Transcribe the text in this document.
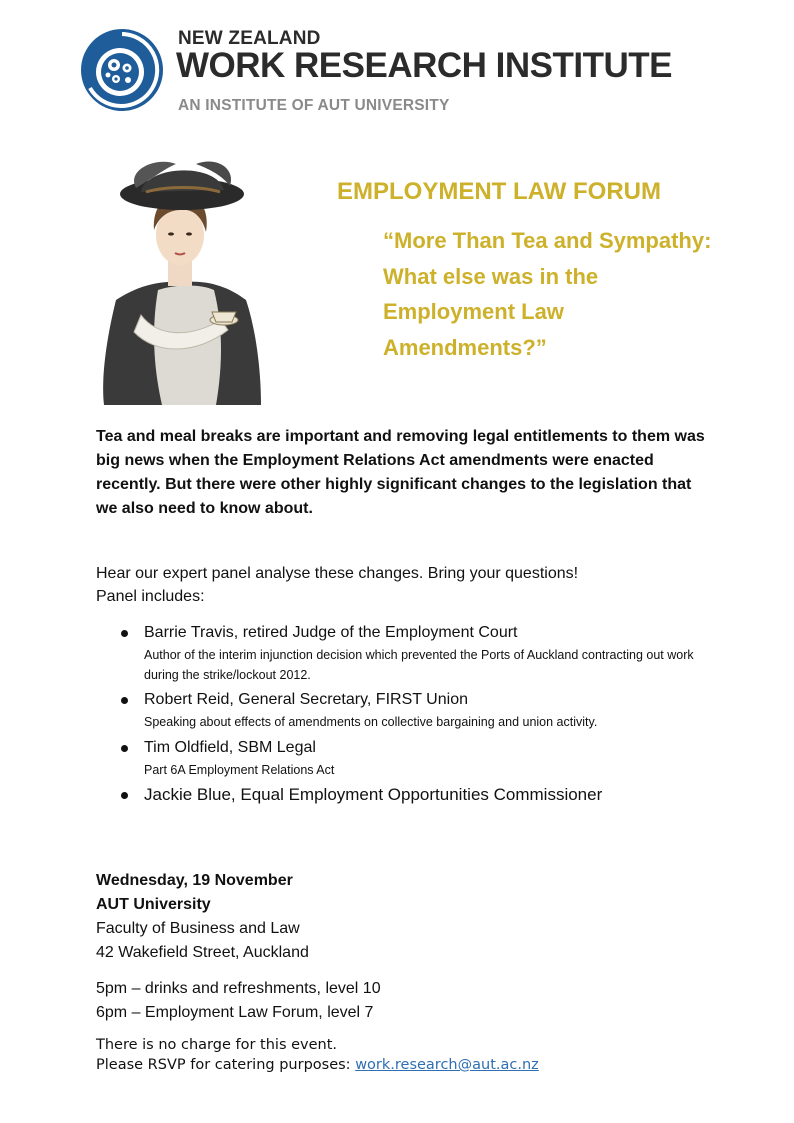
NEW ZEALAND
WORK RESEARCH INSTITUTE
AN INSTITUTE OF AUT UNIVERSITY
EMPLOYMENT LAW FORUM
“More Than Tea and Sympathy: What else was in the Employment Law Amendments?”
Tea and meal breaks are important and removing legal entitlements to them was big news when the Employment Relations Act amendments were enacted recently. But there were other highly significant changes to the legislation that we also need to know about.
Hear our expert panel analyse these changes. Bring your questions!
Panel includes:
Barrie Travis, retired Judge of the Employment Court
Author of the interim injunction decision which prevented the Ports of Auckland contracting out work during the strike/lockout 2012.
Robert Reid, General Secretary, FIRST Union
Speaking about effects of amendments on collective bargaining and union activity.
Tim Oldfield, SBM Legal
Part 6A Employment Relations Act
Jackie Blue, Equal Employment Opportunities Commissioner
Wednesday, 19 November
AUT University
Faculty of Business and Law
42 Wakefield Street, Auckland
5pm – drinks and refreshments, level 10
6pm – Employment Law Forum, level 7
There is no charge for this event.
Please RSVP for catering purposes: work.research@aut.ac.nz
